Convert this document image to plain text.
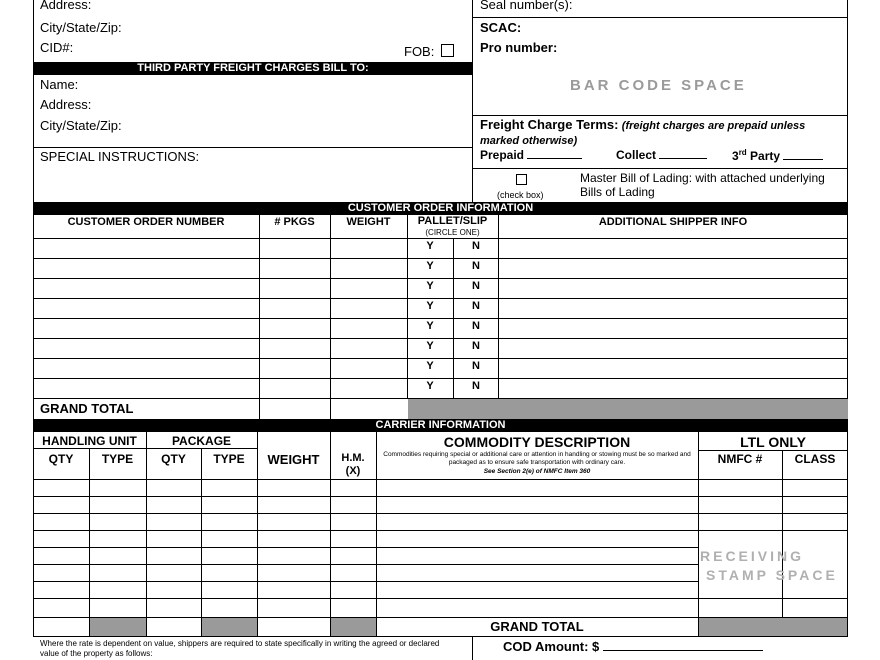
Address:
City/State/Zip:
CID#:	FOB:
THIRD PARTY FREIGHT CHARGES BILL TO:
Name:
Address:
City/State/Zip:
SPECIAL INSTRUCTIONS:
Seal number(s):
SCAC:
Pro number:
BAR CODE SPACE
Freight Charge Terms: (freight charges are prepaid unless marked otherwise)
Prepaid	Collect	3rd Party
(check box)
Master Bill of Lading: with attached underlying Bills of Lading
CUSTOMER ORDER INFORMATION
CUSTOMER ORDER NUMBER	# PKGS	WEIGHT	PALLET/SLIP
(CIRCLE ONE)
ADDITIONAL SHIPPER INFO
Y	N
Y	N
Y	N
Y	N
Y	N
Y	N
Y	N
Y	N
GRAND TOTAL
CARRIER INFORMATION
HANDLING UNIT	PACKAGE
QTY	TYPE	QTY	TYPE	WEIGHT	H.M.
(X)
COMMODITY DESCRIPTION
Commodities requiring special or additional care or attention in handling or stowing must be so marked and packaged as to ensure safe transportation with ordinary care.
See Section 2(e) of NMFC Item 360
LTL ONLY
NMFC #	CLASS
RECEIVING
STAMP SPACE
GRAND TOTAL
Where the rate is dependent on value, shippers are required to state specifically in writing the agreed or declared value of the property as follows:	COD Amount: $
